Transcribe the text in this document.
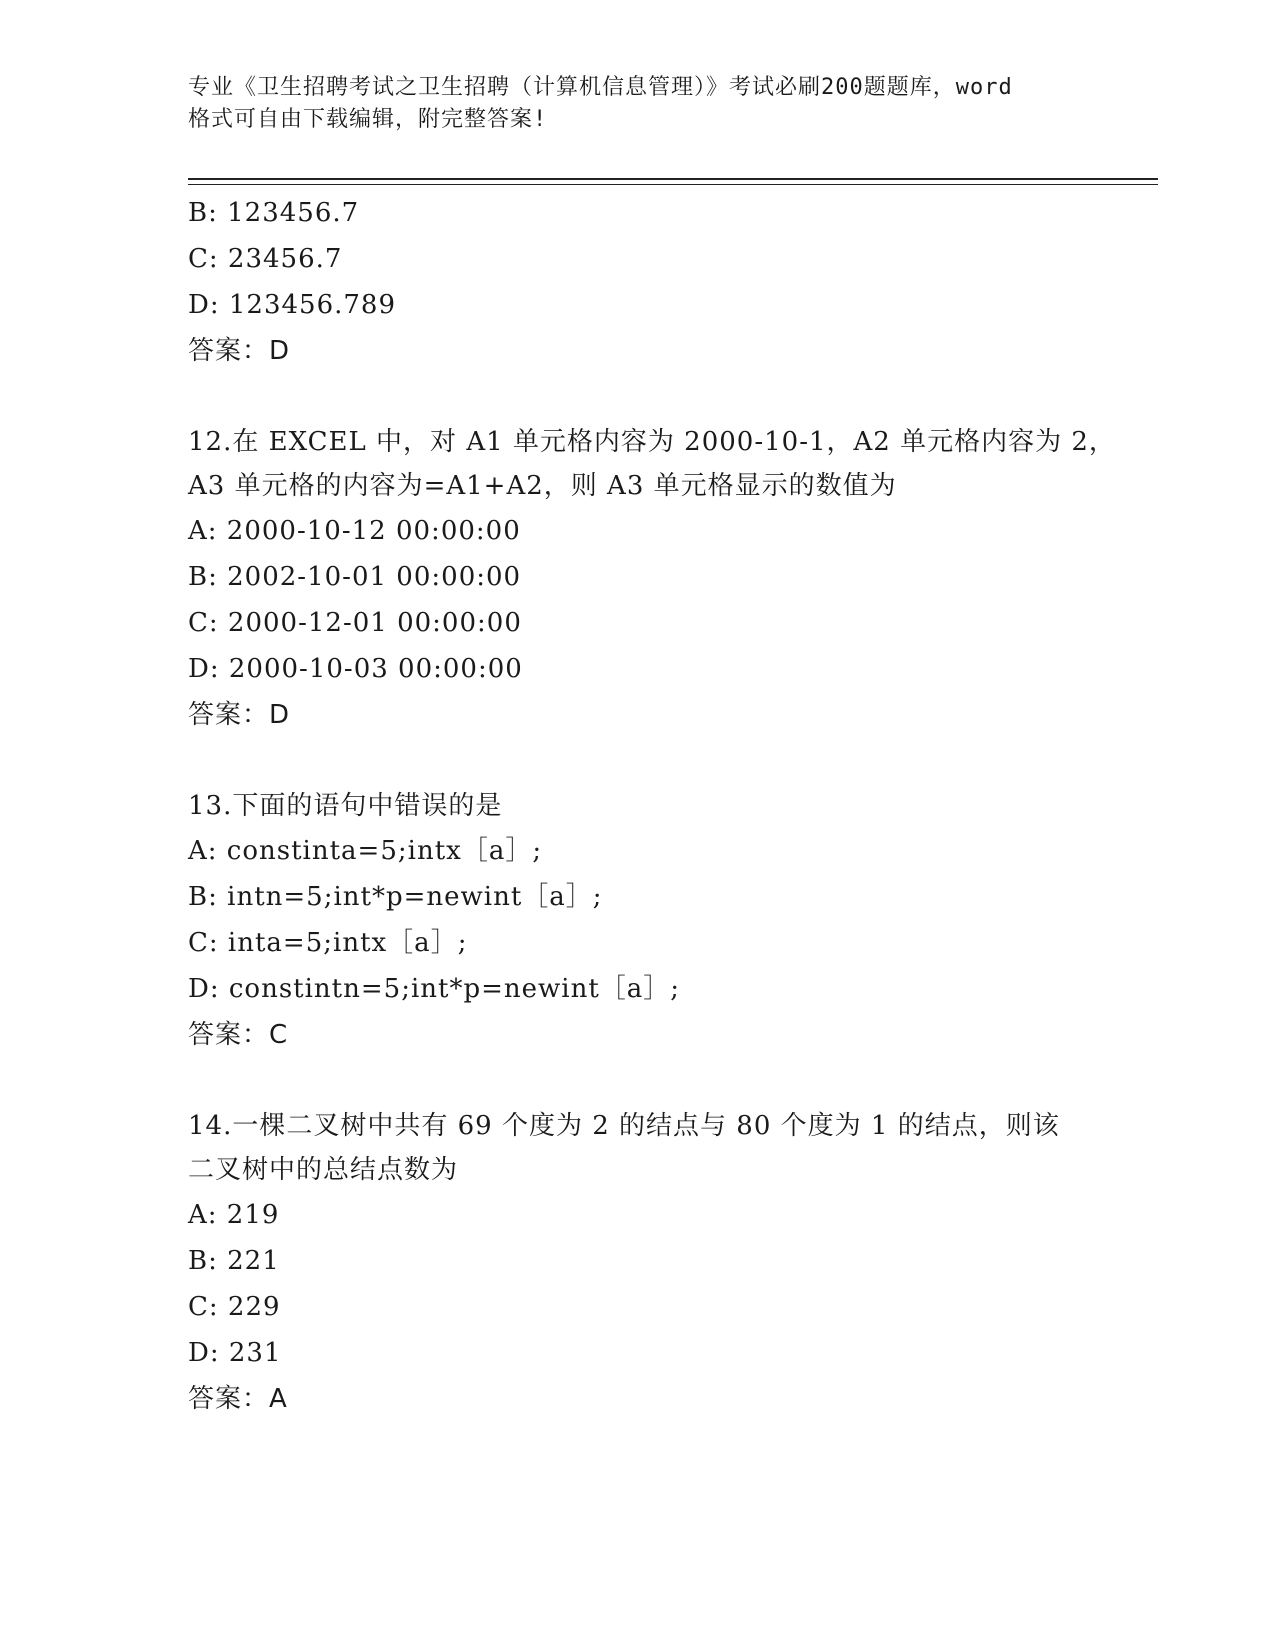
专业《卫生招聘考试之卫生招聘（计算机信息管理）》考试必刷200题题库，word
格式可自由下载编辑，附完整答案!
B: 123456.7
C: 23456.7
D: 123456.789
答案：D
12.在 EXCEL 中，对 A1 单元格内容为 2000-10-1，A2 单元格内容为 2，
A3 单元格的内容为=A1+A2，则 A3 单元格显示的数值为
A: 2000-10-12 00:00:00
B: 2002-10-01 00:00:00
C: 2000-12-01 00:00:00
D: 2000-10-03 00:00:00
答案：D
13.下面的语句中错误的是
A: constinta=5;intx［a］;
B: intn=5;int*p=newint［a］;
C: inta=5;intx［a］;
D: constintn=5;int*p=newint［a］;
答案：C
14.一棵二叉树中共有 69 个度为 2 的结点与 80 个度为 1 的结点，则该
二叉树中的总结点数为
A: 219
B: 221
C: 229
D: 231
答案：A
